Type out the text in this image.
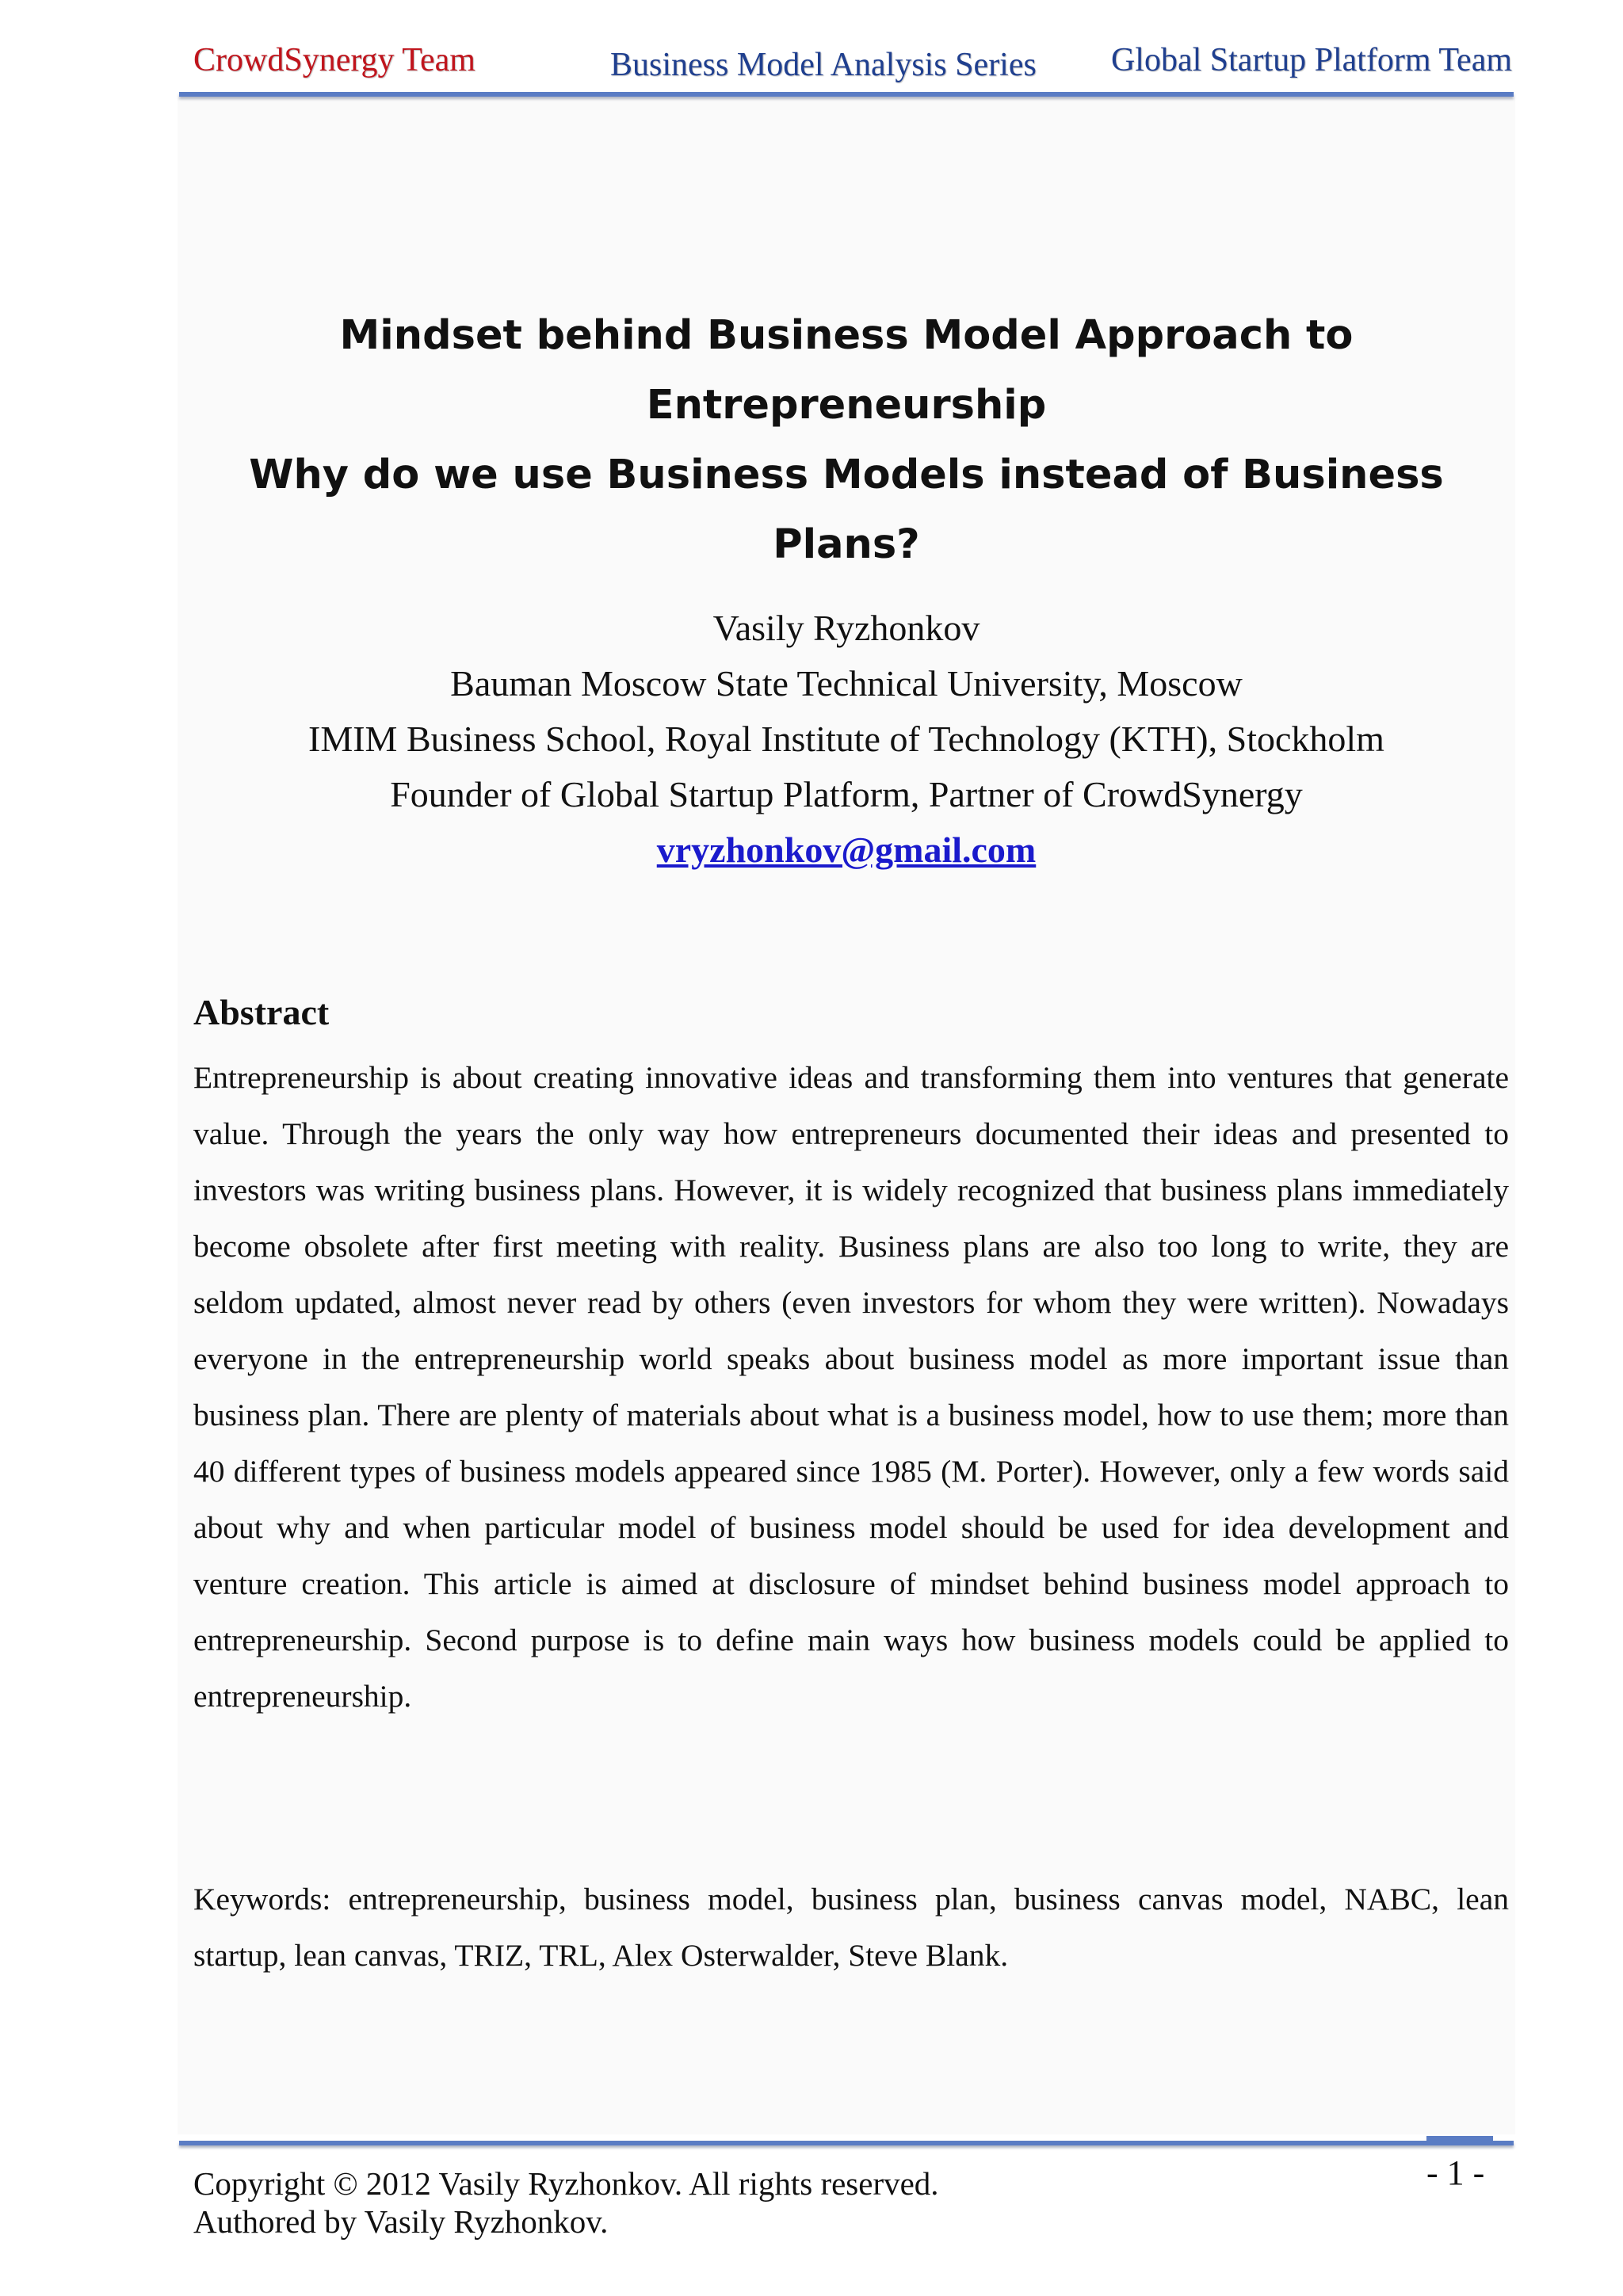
CrowdSynergy Team	Business Model Analysis Series Global Startup Platform Team
Mindset behind Business Model Approach to Entrepreneurship
Why do we use Business Models instead of Business Plans?
Vasily Ryzhonkov
Bauman Moscow State Technical University, Moscow
IMIM Business School, Royal Institute of Technology (KTH), Stockholm
Founder of Global Startup Platform, Partner of CrowdSynergy
vryzhonkov@gmail.com
Abstract
Entrepreneurship is about creating innovative ideas and transforming them into ventures that generate value. Through the years the only way how entrepreneurs documented their ideas and presented to investors was writing business plans. However, it is widely recognized that business plans immediately become obsolete after first meeting with reality. Business plans are also too long to write, they are seldom updated, almost never read by others (even investors for whom they were written). Nowadays everyone in the entrepreneurship world speaks about business model as more important issue than business plan. There are plenty of materials about what is a business model, how to use them; more than 40 different types of business models appeared since 1985 (M. Porter). However, only a few words said about why and when particular model of business model should be used for idea development and venture creation. This article is aimed at disclosure of mindset behind business model approach to entrepreneurship. Second purpose is to define main ways how business models could be applied to entrepreneurship.
Keywords: entrepreneurship, business model, business plan, business canvas model, NABC, lean startup, lean canvas, TRIZ, TRL, Alex Osterwalder, Steve Blank.
Copyright © 2012 Vasily Ryzhonkov. All rights reserved.
Authored by Vasily Ryzhonkov.
- 1 -
